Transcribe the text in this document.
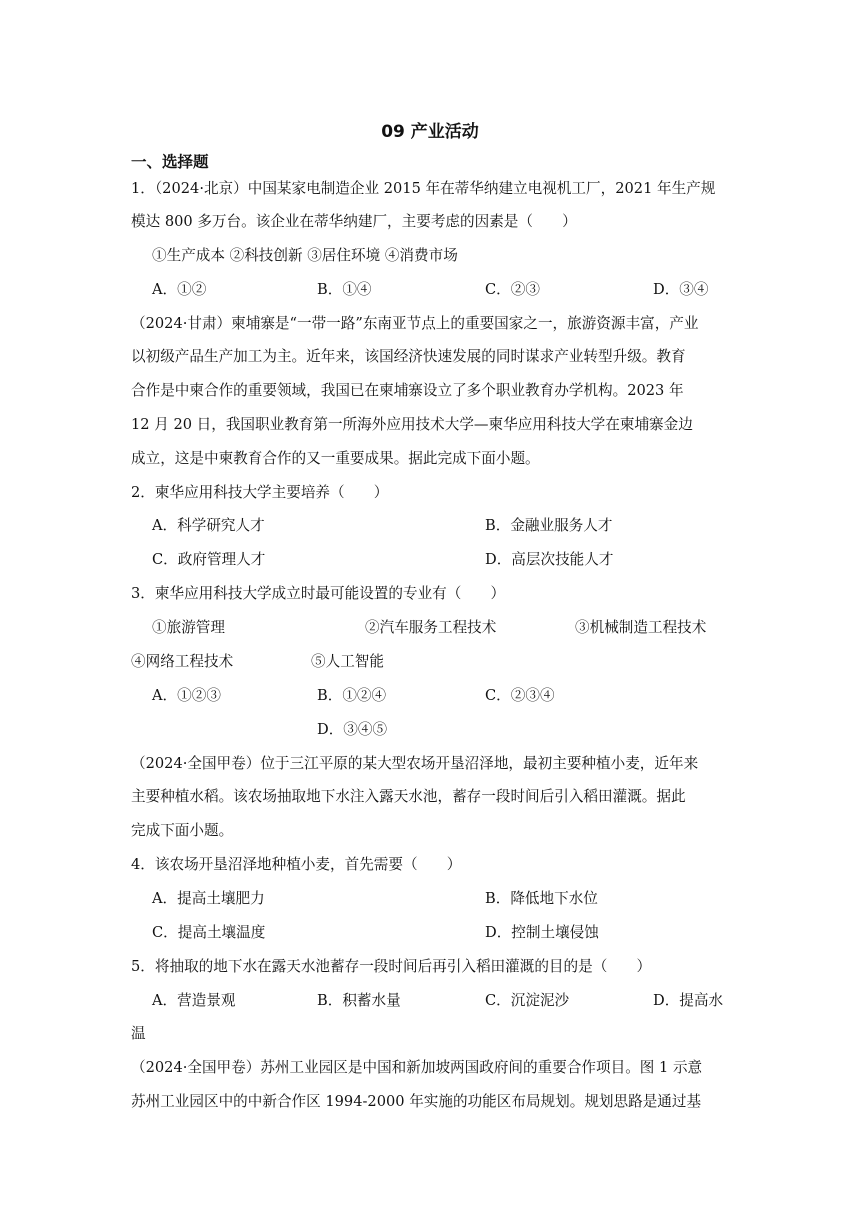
09 产业活动
一、选择题
1．（2024·北京）中国某家电制造企业 2015 年在蒂华纳建立电视机工厂，2021 年生产规
模达 800 多万台。该企业在蒂华纳建厂，主要考虑的因素是（　　）
①生产成本 ②科技创新 ③居住环境 ④消费市场
A．①②	B．①④	C．②③	D．③④
（2024·甘肃）柬埔寨是“一带一路”东南亚节点上的重要国家之一，旅游资源丰富，产业
以初级产品生产加工为主。近年来，该国经济快速发展的同时谋求产业转型升级。教育
合作是中柬合作的重要领域，我国已在柬埔寨设立了多个职业教育办学机构。2023 年
12 月 20 日，我国职业教育第一所海外应用技术大学—柬华应用科技大学在柬埔寨金边
成立，这是中柬教育合作的又一重要成果。据此完成下面小题。
2．柬华应用科技大学主要培养（　　）
A．科学研究人才	B．金融业服务人才
C．政府管理人才	D．高层次技能人才
3．柬华应用科技大学成立时最可能设置的专业有（　　）
①旅游管理	②汽车服务工程技术	③机械制造工程技术
④网络工程技术	⑤人工智能
A．①②③	B．①②④	C．②③④
D．③④⑤
（2024·全国甲卷）位于三江平原的某大型农场开垦沼泽地，最初主要种植小麦，近年来
主要种植水稻。该农场抽取地下水注入露天水池，蓄存一段时间后引入稻田灌溉。据此
完成下面小题。
4．该农场开垦沼泽地种植小麦，首先需要（　　）
A．提高土壤肥力	B．降低地下水位
C．提高土壤温度	D．控制土壤侵蚀
5．将抽取的地下水在露天水池蓄存一段时间后再引入稻田灌溉的目的是（　　）
A．营造景观	B．积蓄水量	C．沉淀泥沙	D．提高水
温
（2024·全国甲卷）苏州工业园区是中国和新加坡两国政府间的重要合作项目。图 1 示意
苏州工业园区中的中新合作区 1994-2000 年实施的功能区布局规划。规划思路是通过基
